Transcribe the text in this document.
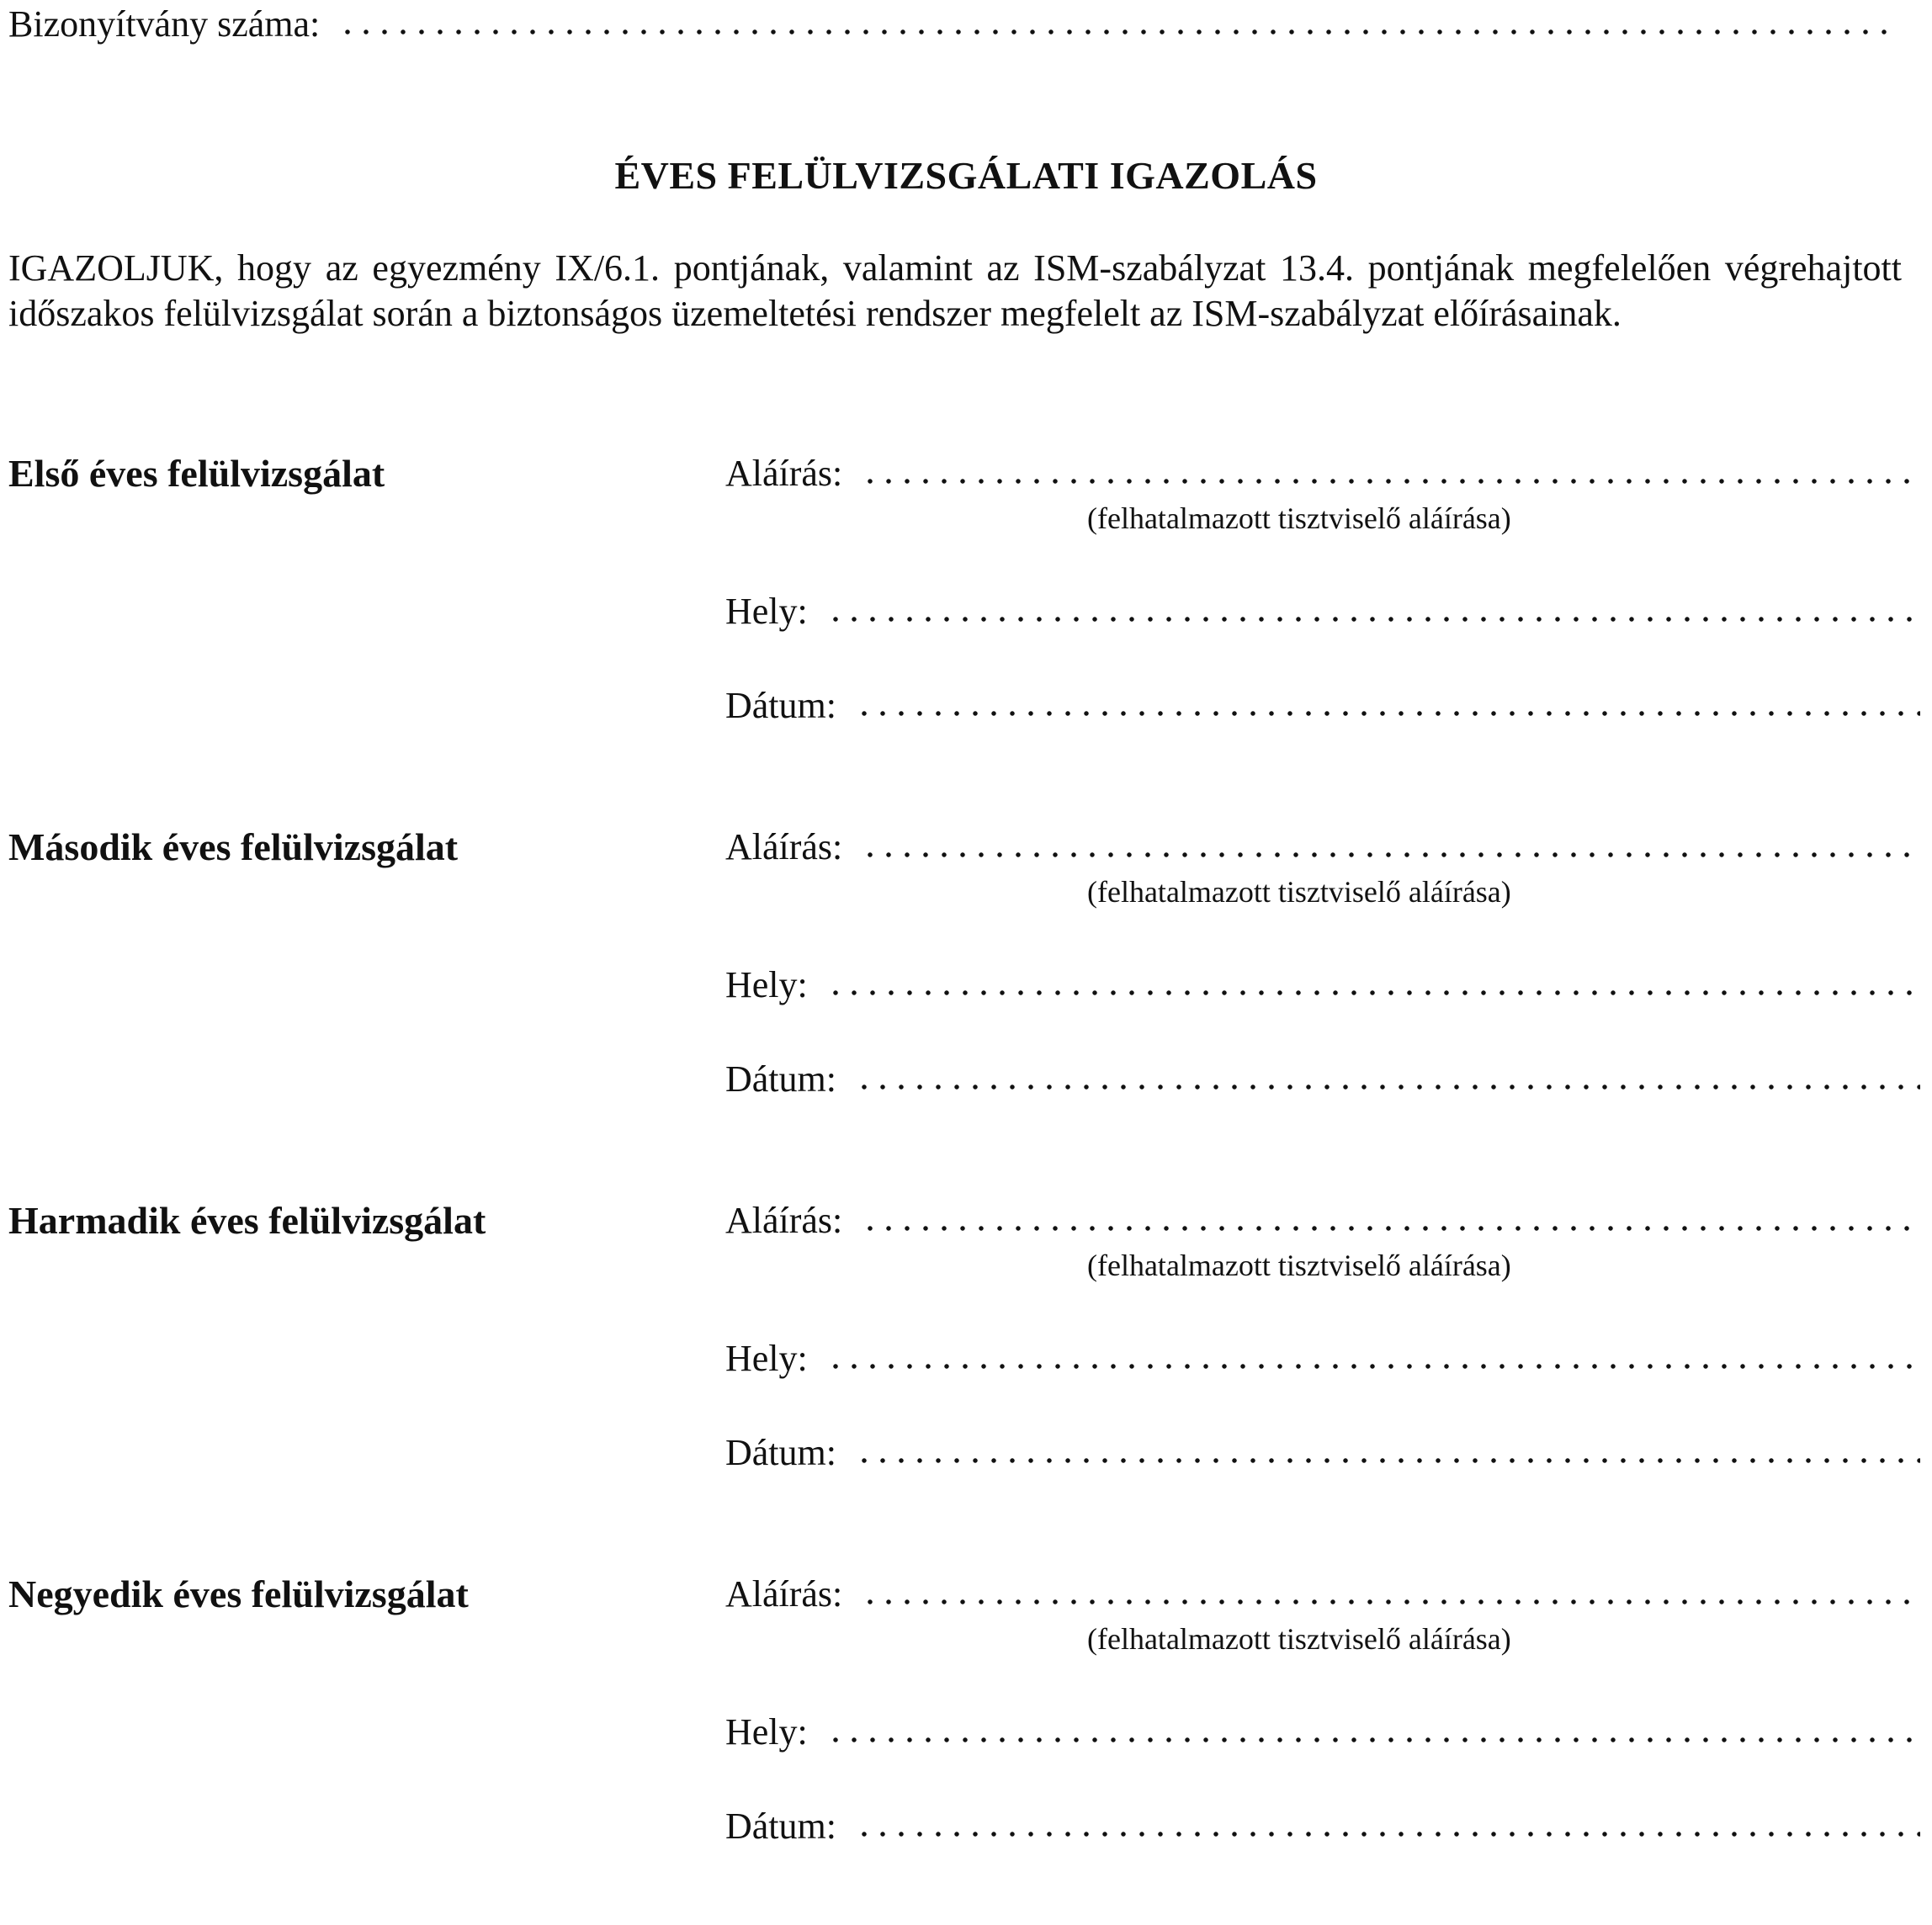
Bizonyítvány száma:
ÉVES FELÜLVIZSGÁLATI IGAZOLÁS
IGAZOLJUK, hogy az egyezmény IX/6.1. pontjának, valamint az ISM-szabályzat 13.4. pontjának megfelelően végrehajtott időszakos felülvizsgálat során a biztonságos üzemeltetési rendszer megfelelt az ISM-szabályzat előírásainak.
Első éves felülvizsgálat	Aláírás:
(felhatalmazott tisztviselő aláírása)
Hely:
Dátum:
Második éves felülvizsgálat	Aláírás:
(felhatalmazott tisztviselő aláírása)
Hely:
Dátum:
Harmadik éves felülvizsgálat	Aláírás:
(felhatalmazott tisztviselő aláírása)
Hely:
Dátum:
Negyedik éves felülvizsgálat	Aláírás:
(felhatalmazott tisztviselő aláírása)
Hely:
Dátum:
